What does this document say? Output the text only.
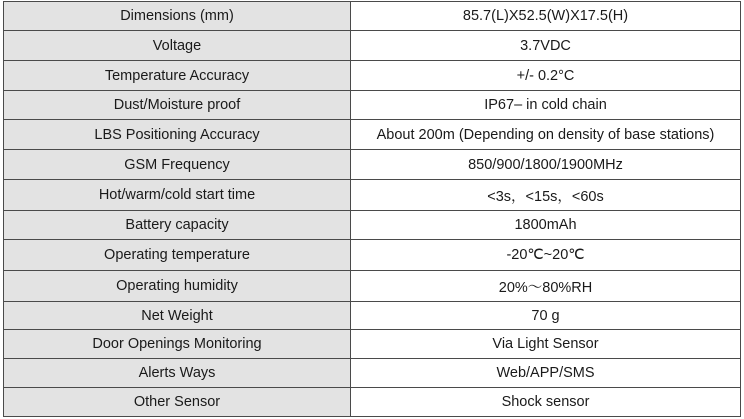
Dimensions (mm)	85.7(L)X52.5(W)X17.5(H)
Voltage	3.7VDC
Temperature Accuracy	+/- 0.2°C
Dust/Moisture proof	IP67– in cold chain
LBS Positioning Accuracy	About 200m (Depending on density of base stations)
GSM Frequency	850/900/1800/1900MHz
Hot/warm/cold start time	<3s，<15s，<60s
Battery capacity	1800mAh
Operating temperature	-20℃~20℃
Operating humidity	20%～80%RH
Net Weight	70 g
Door Openings Monitoring	Via Light Sensor
Alerts Ways	Web/APP/SMS
Other Sensor	Shock sensor
